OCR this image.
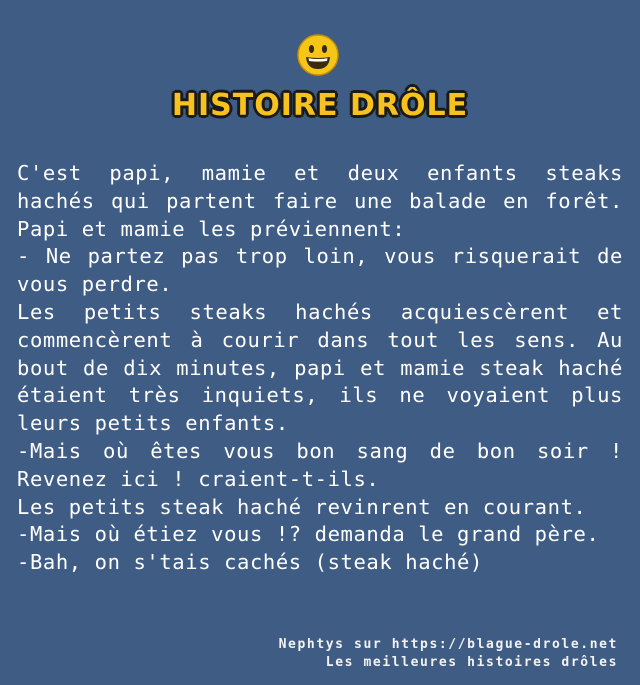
HISTOIRE DRÔLE

C'est papi, mamie et deux enfants steaks hachés qui partent faire une balade en forêt. Papi et mamie les préviennent:

- Ne partez pas trop loin, vous risquerait de vous perdre.

Les petits steaks hachés acquiescèrent et commencèrent à courir dans tout les sens. Au bout de dix minutes, papi et mamie steak haché étaient très inquiets, ils ne voyaient plus leurs petits enfants.

-Mais où êtes vous bon sang de bon soir ! Revenez ici ! craient-t-ils.

Les petits steak haché revinrent en courant.

-Mais où étiez vous !? demanda le grand père.

-Bah, on s'tais cachés (steak haché)

Nephtys sur https://blague-drole.net
Les meilleures histoires drôles
